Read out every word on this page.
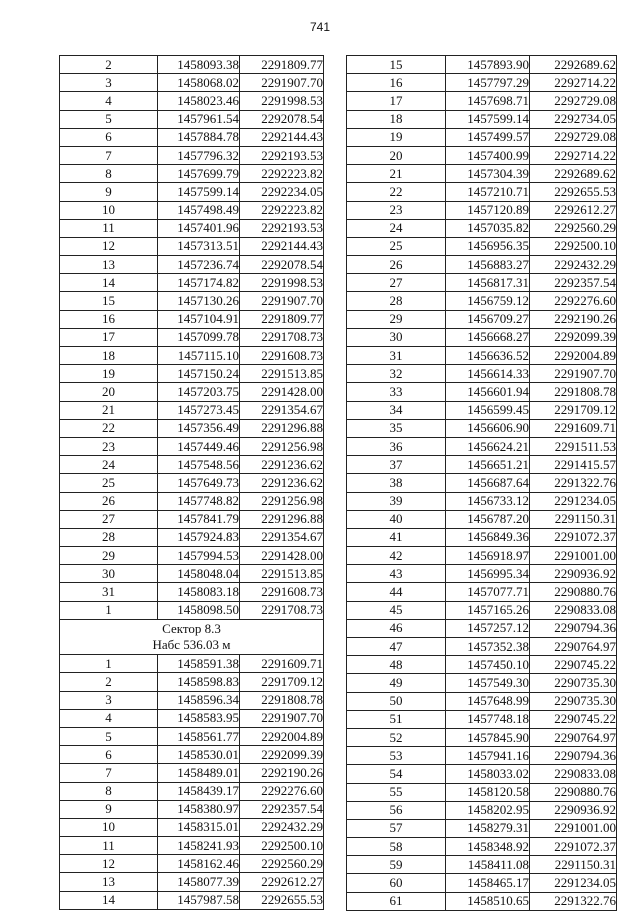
741
2	1458093.38	2291809.77
3	1458068.02	2291907.70
4	1458023.46	2291998.53
5	1457961.54	2292078.54
6	1457884.78	2292144.43
7	1457796.32	2292193.53
8	1457699.79	2292223.82
9	1457599.14	2292234.05
10	1457498.49	2292223.82
11	1457401.96	2292193.53
12	1457313.51	2292144.43
13	1457236.74	2292078.54
14	1457174.82	2291998.53
15	1457130.26	2291907.70
16	1457104.91	2291809.77
17	1457099.78	2291708.73
18	1457115.10	2291608.73
19	1457150.24	2291513.85
20	1457203.75	2291428.00
21	1457273.45	2291354.67
22	1457356.49	2291296.88
23	1457449.46	2291256.98
24	1457548.56	2291236.62
25	1457649.73	2291236.62
26	1457748.82	2291256.98
27	1457841.79	2291296.88
28	1457924.83	2291354.67
29	1457994.53	2291428.00
30	1458048.04	2291513.85
31	1458083.18	2291608.73
1	1458098.50	2291708.73

Сектор 8.3
Набс 536.03 м		

1	1458591.38	2291609.71
2	1458598.83	2291709.12
3	1458596.34	2291808.78
4	1458583.95	2291907.70
5	1458561.77	2292004.89
6	1458530.01	2292099.39
7	1458489.01	2292190.26
8	1458439.17	2292276.60
9	1458380.97	2292357.54
10	1458315.01	2292432.29
11	1458241.93	2292500.10
12	1458162.46	2292560.29
13	1458077.39	2292612.27
14	1457987.58	2292655.53
15	1457893.90	2292689.62
16	1457797.29	2292714.22
17	1457698.71	2292729.08
18	1457599.14	2292734.05
19	1457499.57	2292729.08
20	1457400.99	2292714.22
21	1457304.39	2292689.62
22	1457210.71	2292655.53
23	1457120.89	2292612.27
24	1457035.82	2292560.29
25	1456956.35	2292500.10
26	1456883.27	2292432.29
27	1456817.31	2292357.54
28	1456759.12	2292276.60
29	1456709.27	2292190.26
30	1456668.27	2292099.39
31	1456636.52	2292004.89
32	1456614.33	2291907.70
33	1456601.94	2291808.78
34	1456599.45	2291709.12
35	1456606.90	2291609.71
36	1456624.21	2291511.53
37	1456651.21	2291415.57
38	1456687.64	2291322.76
39	1456733.12	2291234.05
40	1456787.20	2291150.31
41	1456849.36	2291072.37
42	1456918.97	2291001.00
43	1456995.34	2290936.92
44	1457077.71	2290880.76
45	1457165.26	2290833.08
46	1457257.12	2290794.36
47	1457352.38	2290764.97
48	1457450.10	2290745.22
49	1457549.30	2290735.30
50	1457648.99	2290735.30
51	1457748.18	2290745.22
52	1457845.90	2290764.97
53	1457941.16	2290794.36
54	1458033.02	2290833.08
55	1458120.58	2290880.76
56	1458202.95	2290936.92
57	1458279.31	2291001.00
58	1458348.92	2291072.37
59	1458411.08	2291150.31
60	1458465.17	2291234.05
61	1458510.65	2291322.76
